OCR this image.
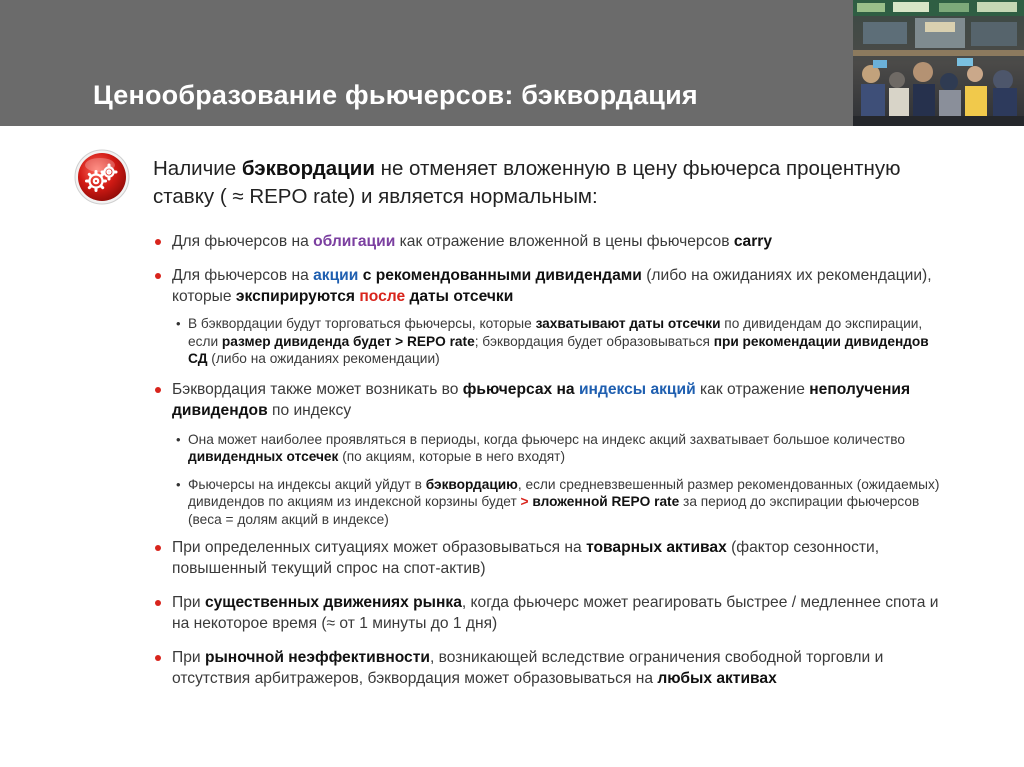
Ценообразование фьючерсов: бэквордация
Наличие бэквордации не отменяет вложенную в цену фьючерса процентную ставку ( ≈ REPO rate) и является нормальным:
Для фьючерсов на облигации как отражение вложенной в цены фьючерсов carry
Для фьючерсов на акции с рекомендованными дивидендами (либо на ожиданиях их рекомендации), которые экспирируются после даты отсечки
• В бэквордации будут торговаться фьючерсы, которые захватывают даты отсечки по дивидендам до экспирации, если размер дивиденда будет > REPO rate; бэквордация будет образовываться при рекомендации дивидендов СД (либо на ожиданиях рекомендации)
Бэквордация также может возникать во фьючерсах на индексы акций как отражение неполучения дивидендов по индексу
• Она может наиболее проявляться в периоды, когда фьючерс на индекс акций захватывает большое количество дивидендных отсечек (по акциям, которые в него входят)
• Фьючерсы на индексы акций уйдут в бэквордацию, если средневзвешенный размер рекомендованных (ожидаемых) дивидендов по акциям из индексной корзины будет > вложенной REPO rate за период до экспирации фьючерсов (веса = долям акций в индексе)
При определенных ситуациях может образовываться на товарных активах (фактор сезонности, повышенный текущий спрос на спот-актив)
При существенных движениях рынка, когда фьючерс может реагировать быстрее / медленнее спота и на некоторое время (≈ от 1 минуты до 1 дня)
При рыночной неэффективности, возникающей вследствие ограничения свободной торговли и отсутствия арбитражеров, бэквордация может образовываться на любых активах
